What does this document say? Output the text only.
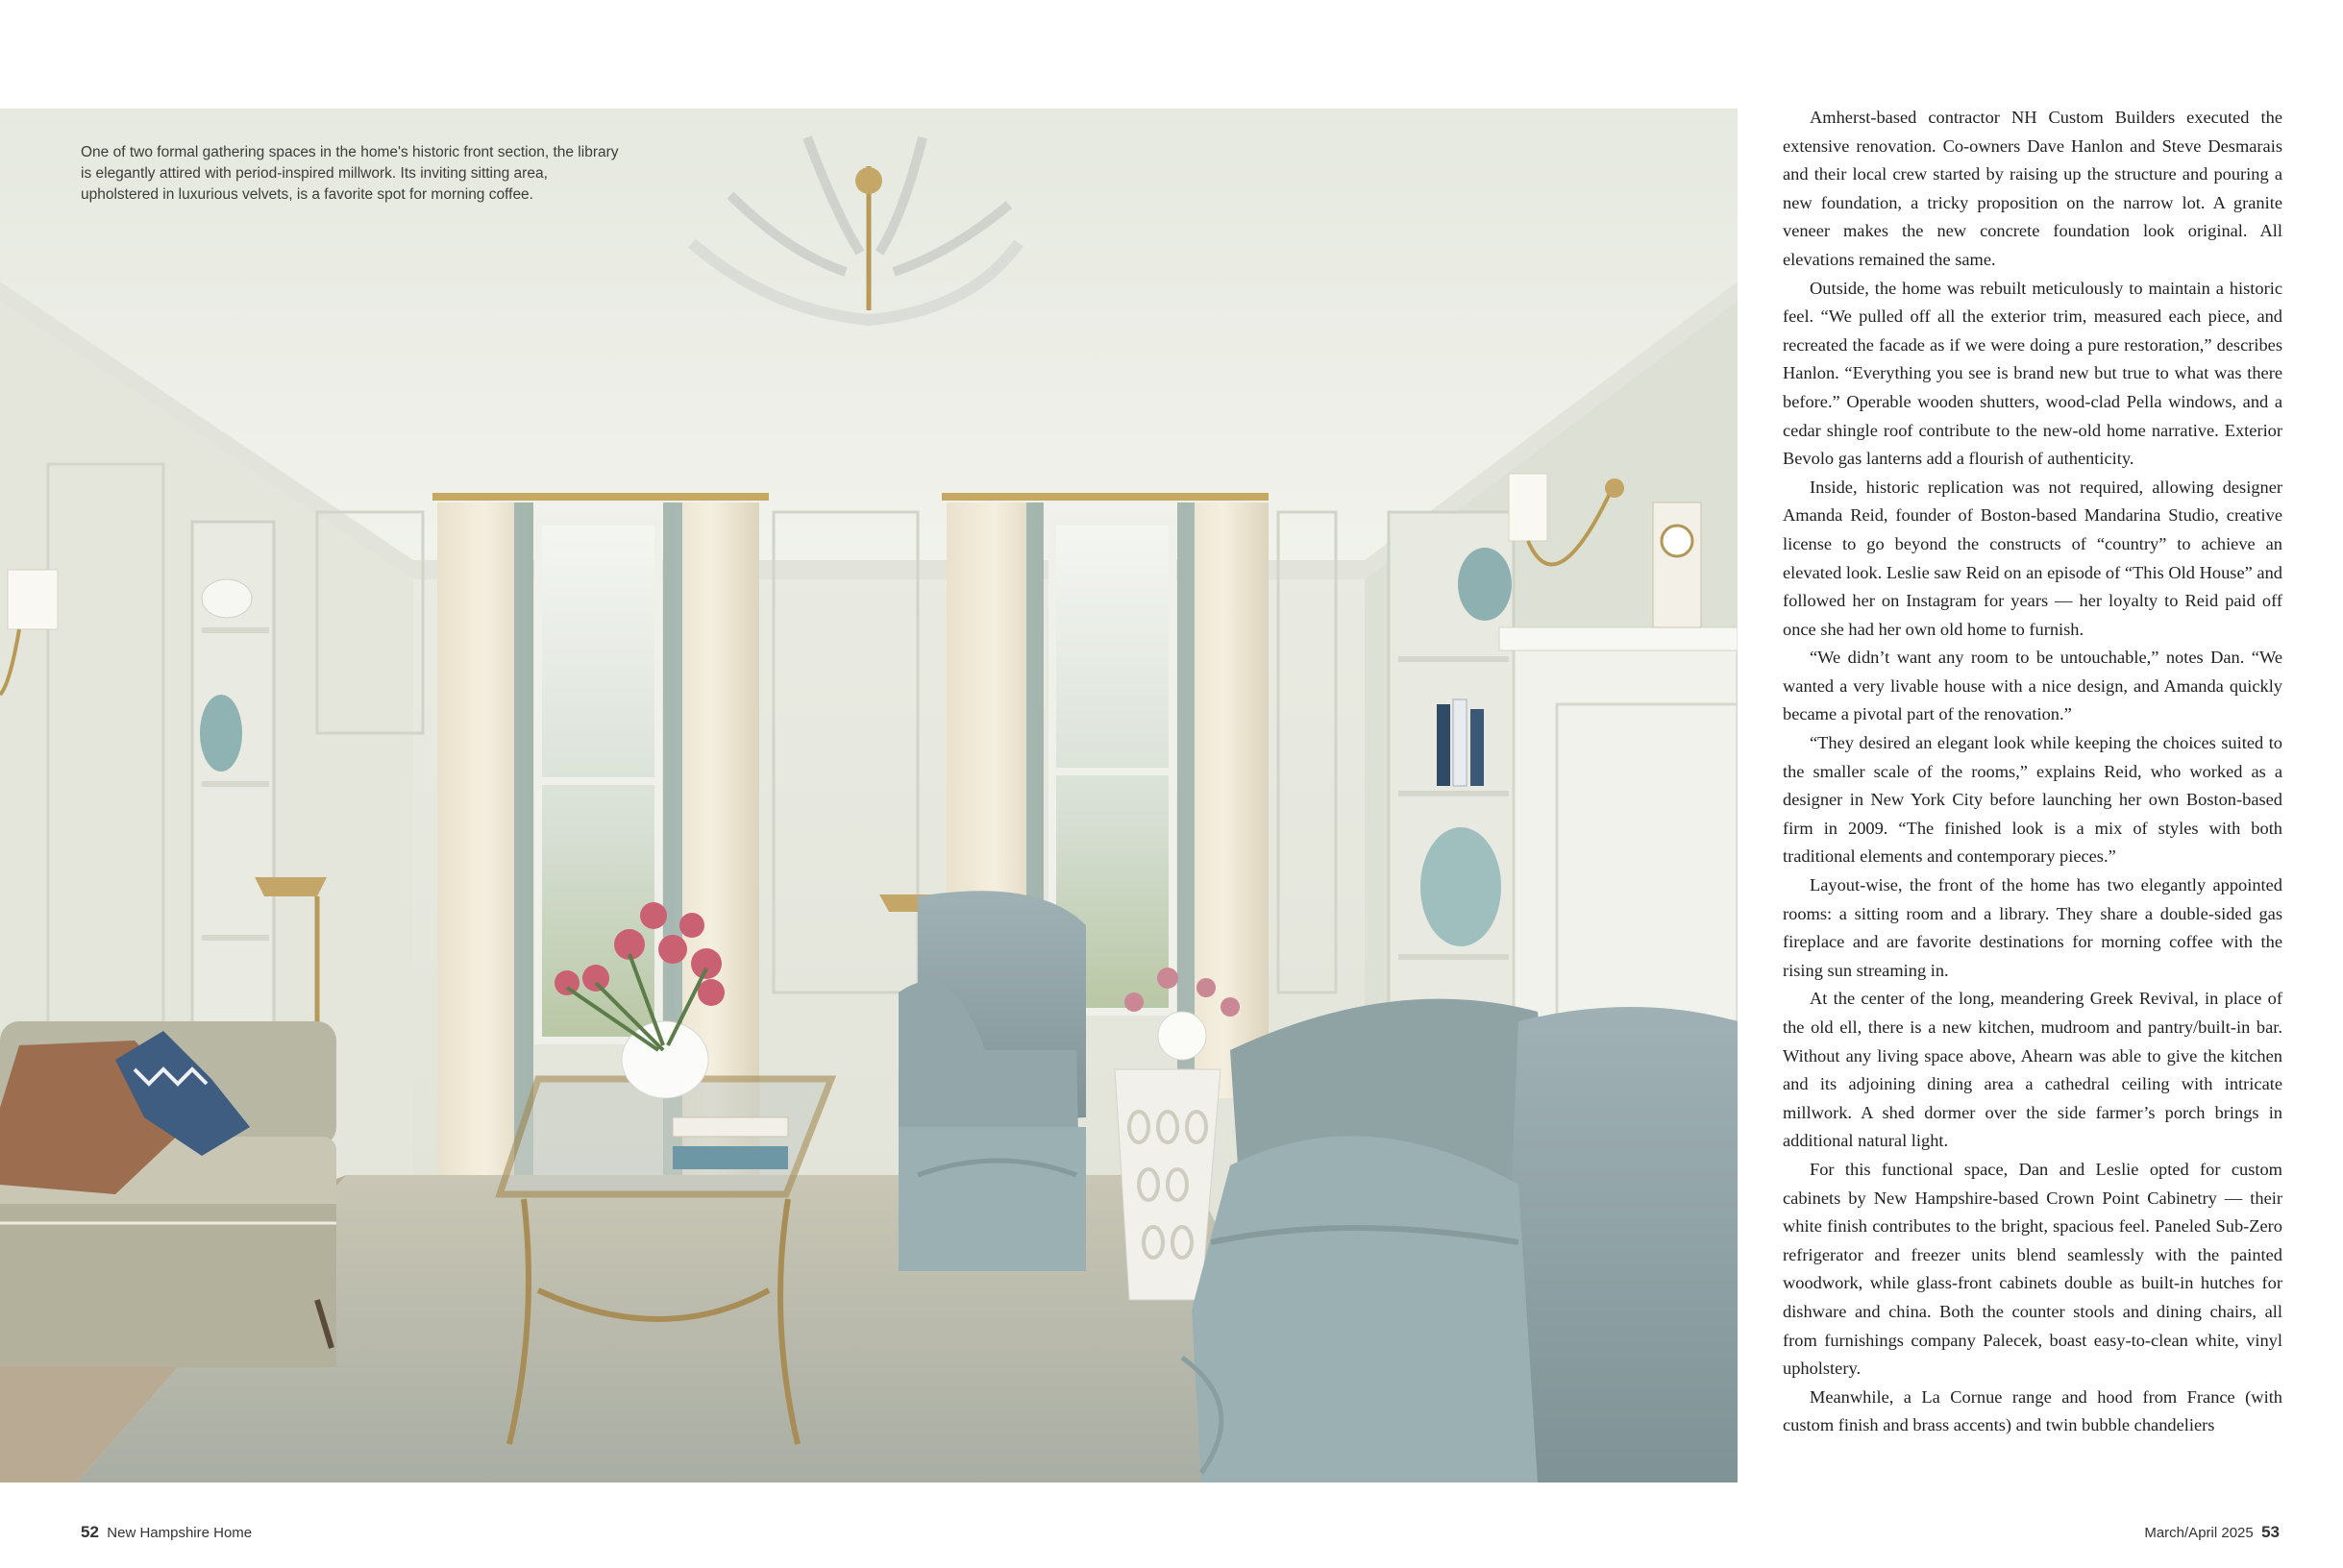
One of two formal gathering spaces in the home's historic front section, the library is elegantly attired with period-inspired millwork. Its inviting sitting area, upholstered in luxurious velvets, is a favorite spot for morning coffee.

Amherst-based contractor NH Custom Builders executed the extensive renovation. Co-owners Dave Hanlon and Steve Desmarais and their local crew started by raising up the structure and pouring a new foundation, a tricky proposition on the narrow lot. A granite veneer makes the new concrete foundation look original. All elevations remained the same.

Outside, the home was rebuilt meticulously to maintain a historic feel. “We pulled off all the exterior trim, measured each piece, and recreated the facade as if we were doing a pure restoration,” describes Hanlon. “Everything you see is brand new but true to what was there before.” Operable wooden shutters, wood-clad Pella windows, and a cedar shingle roof contribute to the new-old home narrative. Exterior Bevolo gas lanterns add a flourish of authenticity.

Inside, historic replication was not required, allowing designer Amanda Reid, founder of Boston-based Mandarina Studio, creative license to go beyond the constructs of “country” to achieve an elevated look. Leslie saw Reid on an episode of “This Old House” and followed her on Instagram for years — her loyalty to Reid paid off once she had her own old home to furnish.

“We didn’t want any room to be untouchable,” notes Dan. “We wanted a very livable house with a nice design, and Amanda quickly became a pivotal part of the renovation.”

“They desired an elegant look while keeping the choices suited to the smaller scale of the rooms,” explains Reid, who worked as a designer in New York City before launching her own Boston-based firm in 2009. “The finished look is a mix of styles with both traditional elements and contemporary pieces.”

Layout-wise, the front of the home has two elegantly appointed rooms: a sitting room and a library. They share a double-sided gas fireplace and are favorite destinations for morning coffee with the rising sun streaming in.

At the center of the long, meandering Greek Revival, in place of the old ell, there is a new kitchen, mudroom and pantry/built-in bar. Without any living space above, Ahearn was able to give the kitchen and its adjoining dining area a cathedral ceiling with intricate millwork. A shed dormer over the side farmer’s porch brings in additional natural light.

For this functional space, Dan and Leslie opted for custom cabinets by New Hampshire-based Crown Point Cabinetry — their white finish contributes to the bright, spacious feel. Paneled Sub-Zero refrigerator and freezer units blend seamlessly with the painted woodwork, while glass-front cabinets double as built-in hutches for dishware and china. Both the counter stools and dining chairs, all from furnishings company Palecek, boast easy-to-clean white, vinyl upholstery.

Meanwhile, a La Cornue range and hood from France (with custom finish and brass accents) and twin bubble chandeliers

52 New Hampshire Home	March/April 2025 53
